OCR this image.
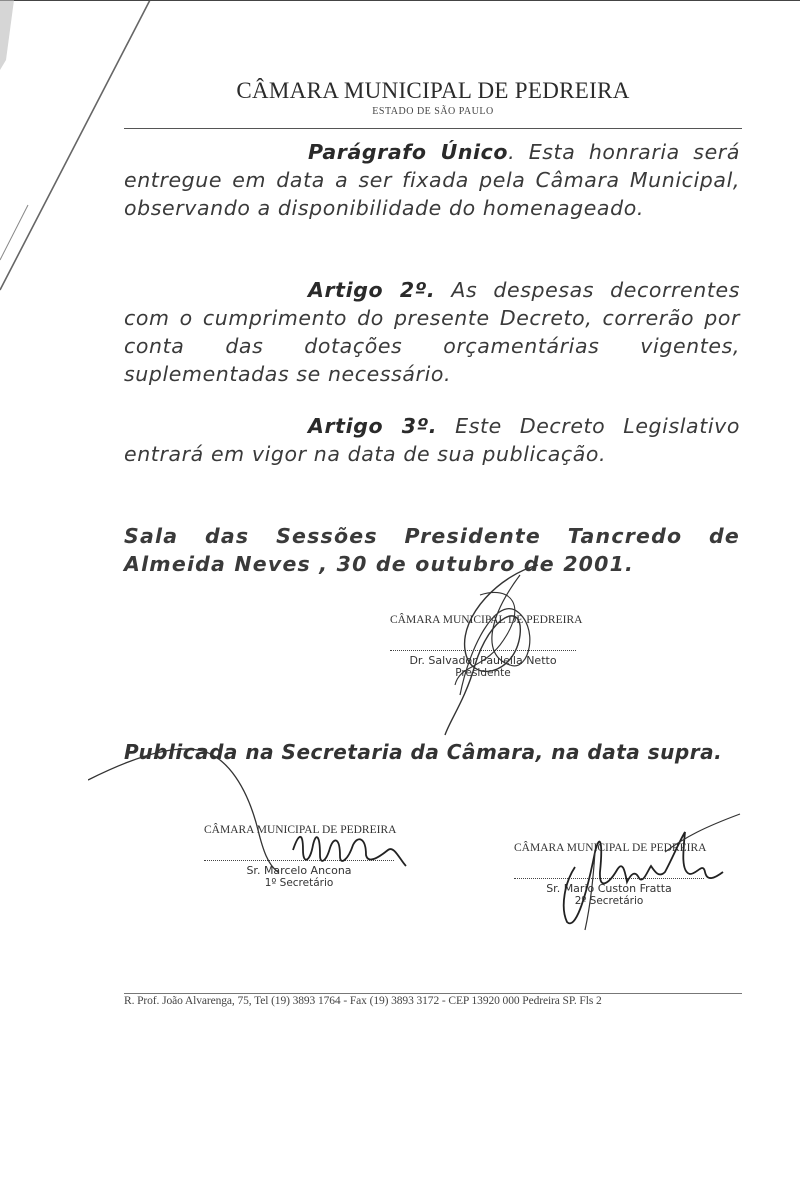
CÂMARA MUNICIPAL DE PEDREIRA
ESTADO DE SÃO PAULO
Parágrafo Único. Esta honraria será entregue em data a ser fixada pela Câmara Municipal, observando a disponibilidade do homenageado.
Artigo 2º. As despesas decorrentes com o cumprimento do presente Decreto, correrão por conta das dotações orçamentárias vigentes, suplementadas se necessário.
Artigo 3º. Este Decreto Legislativo entrará em vigor na data de sua publicação.
Sala das Sessões Presidente Tancredo de Almeida Neves , 30 de outubro de 2001.
CÂMARA MUNICIPAL DE PEDREIRA
Dr. Salvador Paulella Netto
Presidente
Publicada na Secretaria da Câmara, na data supra.
CÂMARA MUNICIPAL DE PEDREIRA
Sr. Marcelo Ancona
1º Secretário
CÂMARA MUNICIPAL DE PEDREIRA
Sr. Mario Custon Fratta
2º Secretário
R. Prof. João Alvarenga, 75, Tel (19) 3893 1764 - Fax (19) 3893 3172 - CEP 13920 000 Pedreira SP. Fls 2
